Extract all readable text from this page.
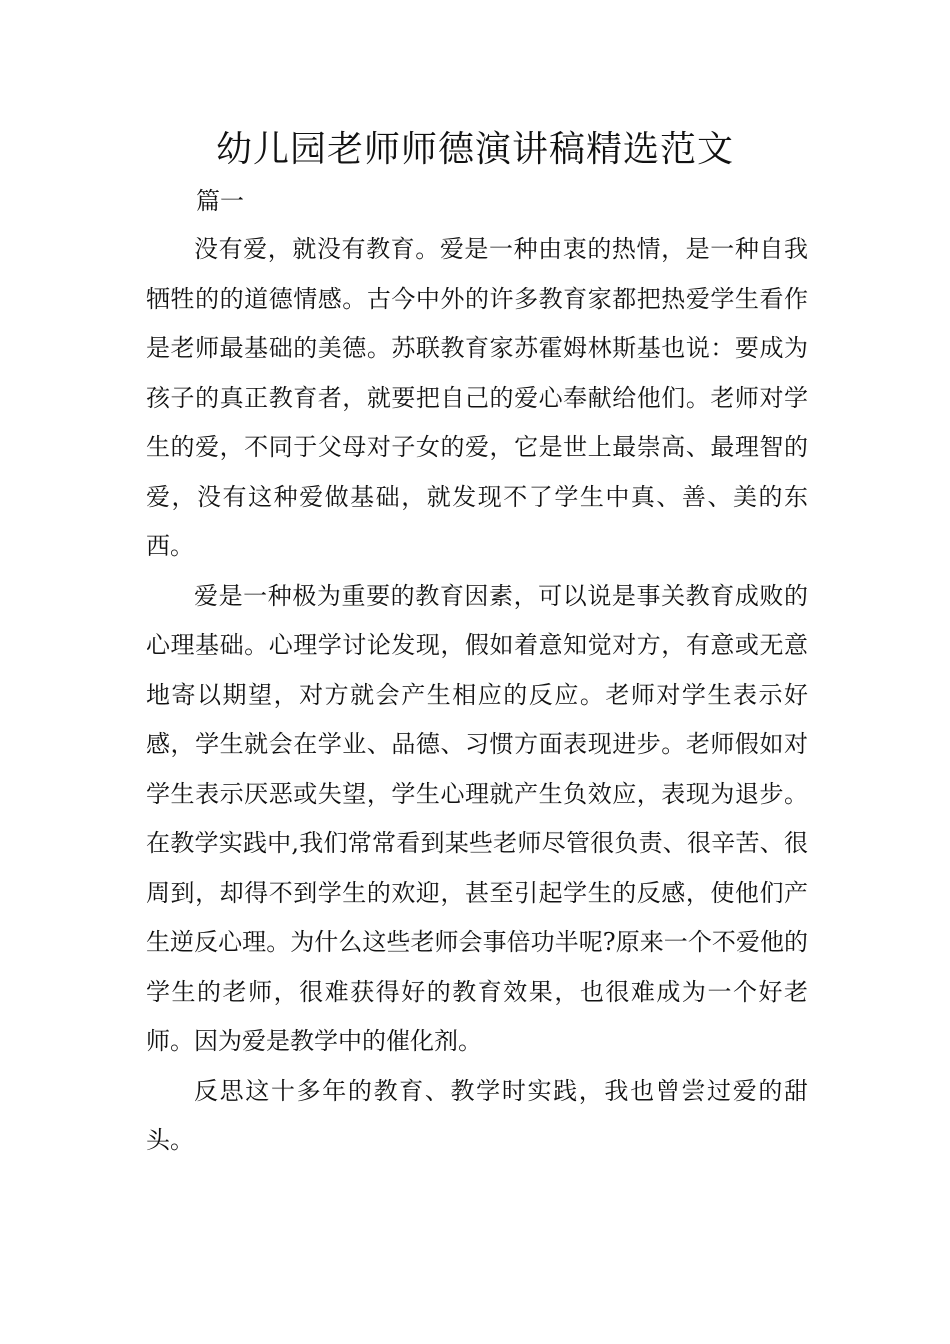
幼儿园老师师德演讲稿精选范文

篇一

没有爱，就没有教育。爱是一种由衷的热情，是一种自我牺牲的的道德情感。古今中外的许多教育家都把热爱学生看作是老师最基础的美德。苏联教育家苏霍姆林斯基也说：要成为孩子的真正教育者，就要把自己的爱心奉献给他们。老师对学生的爱，不同于父母对子女的爱，它是世上最崇高、最理智的爱，没有这种爱做基础，就发现不了学生中真、善、美的东西。

爱是一种极为重要的教育因素，可以说是事关教育成败的心理基础。心理学讨论发现，假如着意知觉对方，有意或无意地寄以期望，对方就会产生相应的反应。老师对学生表示好感，学生就会在学业、品德、习惯方面表现进步。老师假如对学生表示厌恶或失望，学生心理就产生负效应，表现为退步。在教学实践中,我们常常看到某些老师尽管很负责、很辛苦、很周到，却得不到学生的欢迎，甚至引起学生的反感，使他们产生逆反心理。为什么这些老师会事倍功半呢?原来一个不爱他的学生的老师，很难获得好的教育效果，也很难成为一个好老师。因为爱是教学中的催化剂。

反思这十多年的教育、教学时实践，我也曾尝过爱的甜头。
